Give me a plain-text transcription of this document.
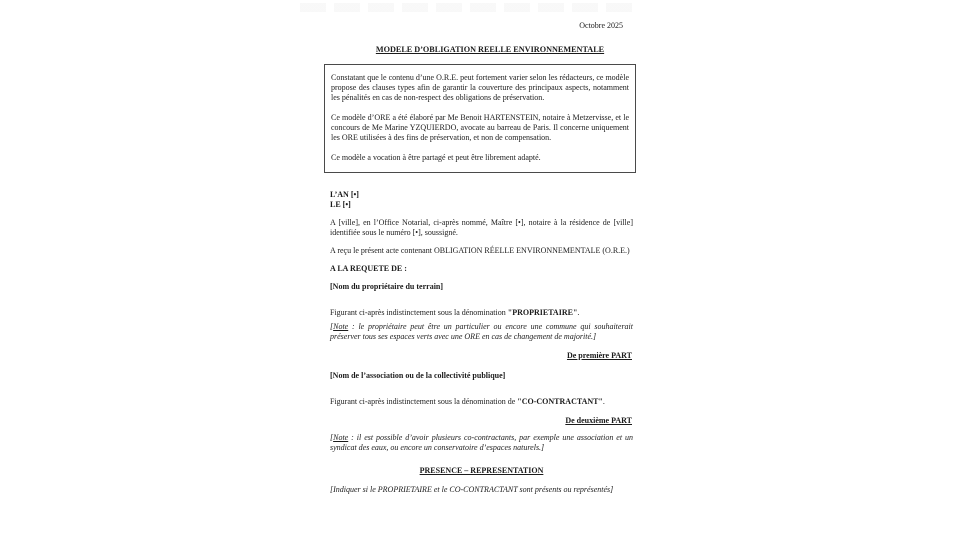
Octobre 2025
MODELE D’OBLIGATION REELLE ENVIRONNEMENTALE

Constatant que le contenu d’une O.R.E. peut fortement varier selon les rédacteurs, ce modèle propose des clauses types afin de garantir la couverture des principaux aspects, notamment les pénalités en cas de non-respect des obligations de préservation.

Ce modèle d’ORE a été élaboré par Me Benoit HARTENSTEIN, notaire à Metzervisse, et le concours de Me Marine YZQUIERDO, avocate au barreau de Paris. Il concerne uniquement les ORE utilisées à des fins de préservation, et non de compensation.

Ce modèle a vocation à être partagé et peut être librement adapté.

L’AN [•]
LE [•]

A [ville], en l’Office Notarial, ci-après nommé, Maître [•], notaire à la résidence de [ville] identifiée sous le numéro [•], soussigné.

A reçu le présent acte contenant OBLIGATION RÉELLE ENVIRONNEMENTALE (O.R.E.)

A LA REQUETE DE :

[Nom du propriétaire du terrain]

Figurant ci-après indistinctement sous la dénomination "PROPRIETAIRE".

[Note : le propriétaire peut être un particulier ou encore une commune qui souhaiterait préserver tous ses espaces verts avec une ORE en cas de changement de majorité.]

De première PART

[Nom de l’association ou de la collectivité publique]

Figurant ci-après indistinctement sous la dénomination de "CO-CONTRACTANT".

De deuxième PART

[Note : il est possible d’avoir plusieurs co-contractants, par exemple une association et un syndicat des eaux, ou encore un conservatoire d’espaces naturels.]

PRESENCE – REPRESENTATION

[Indiquer si le PROPRIETAIRE et le CO-CONTRACTANT sont présents ou représentés]
